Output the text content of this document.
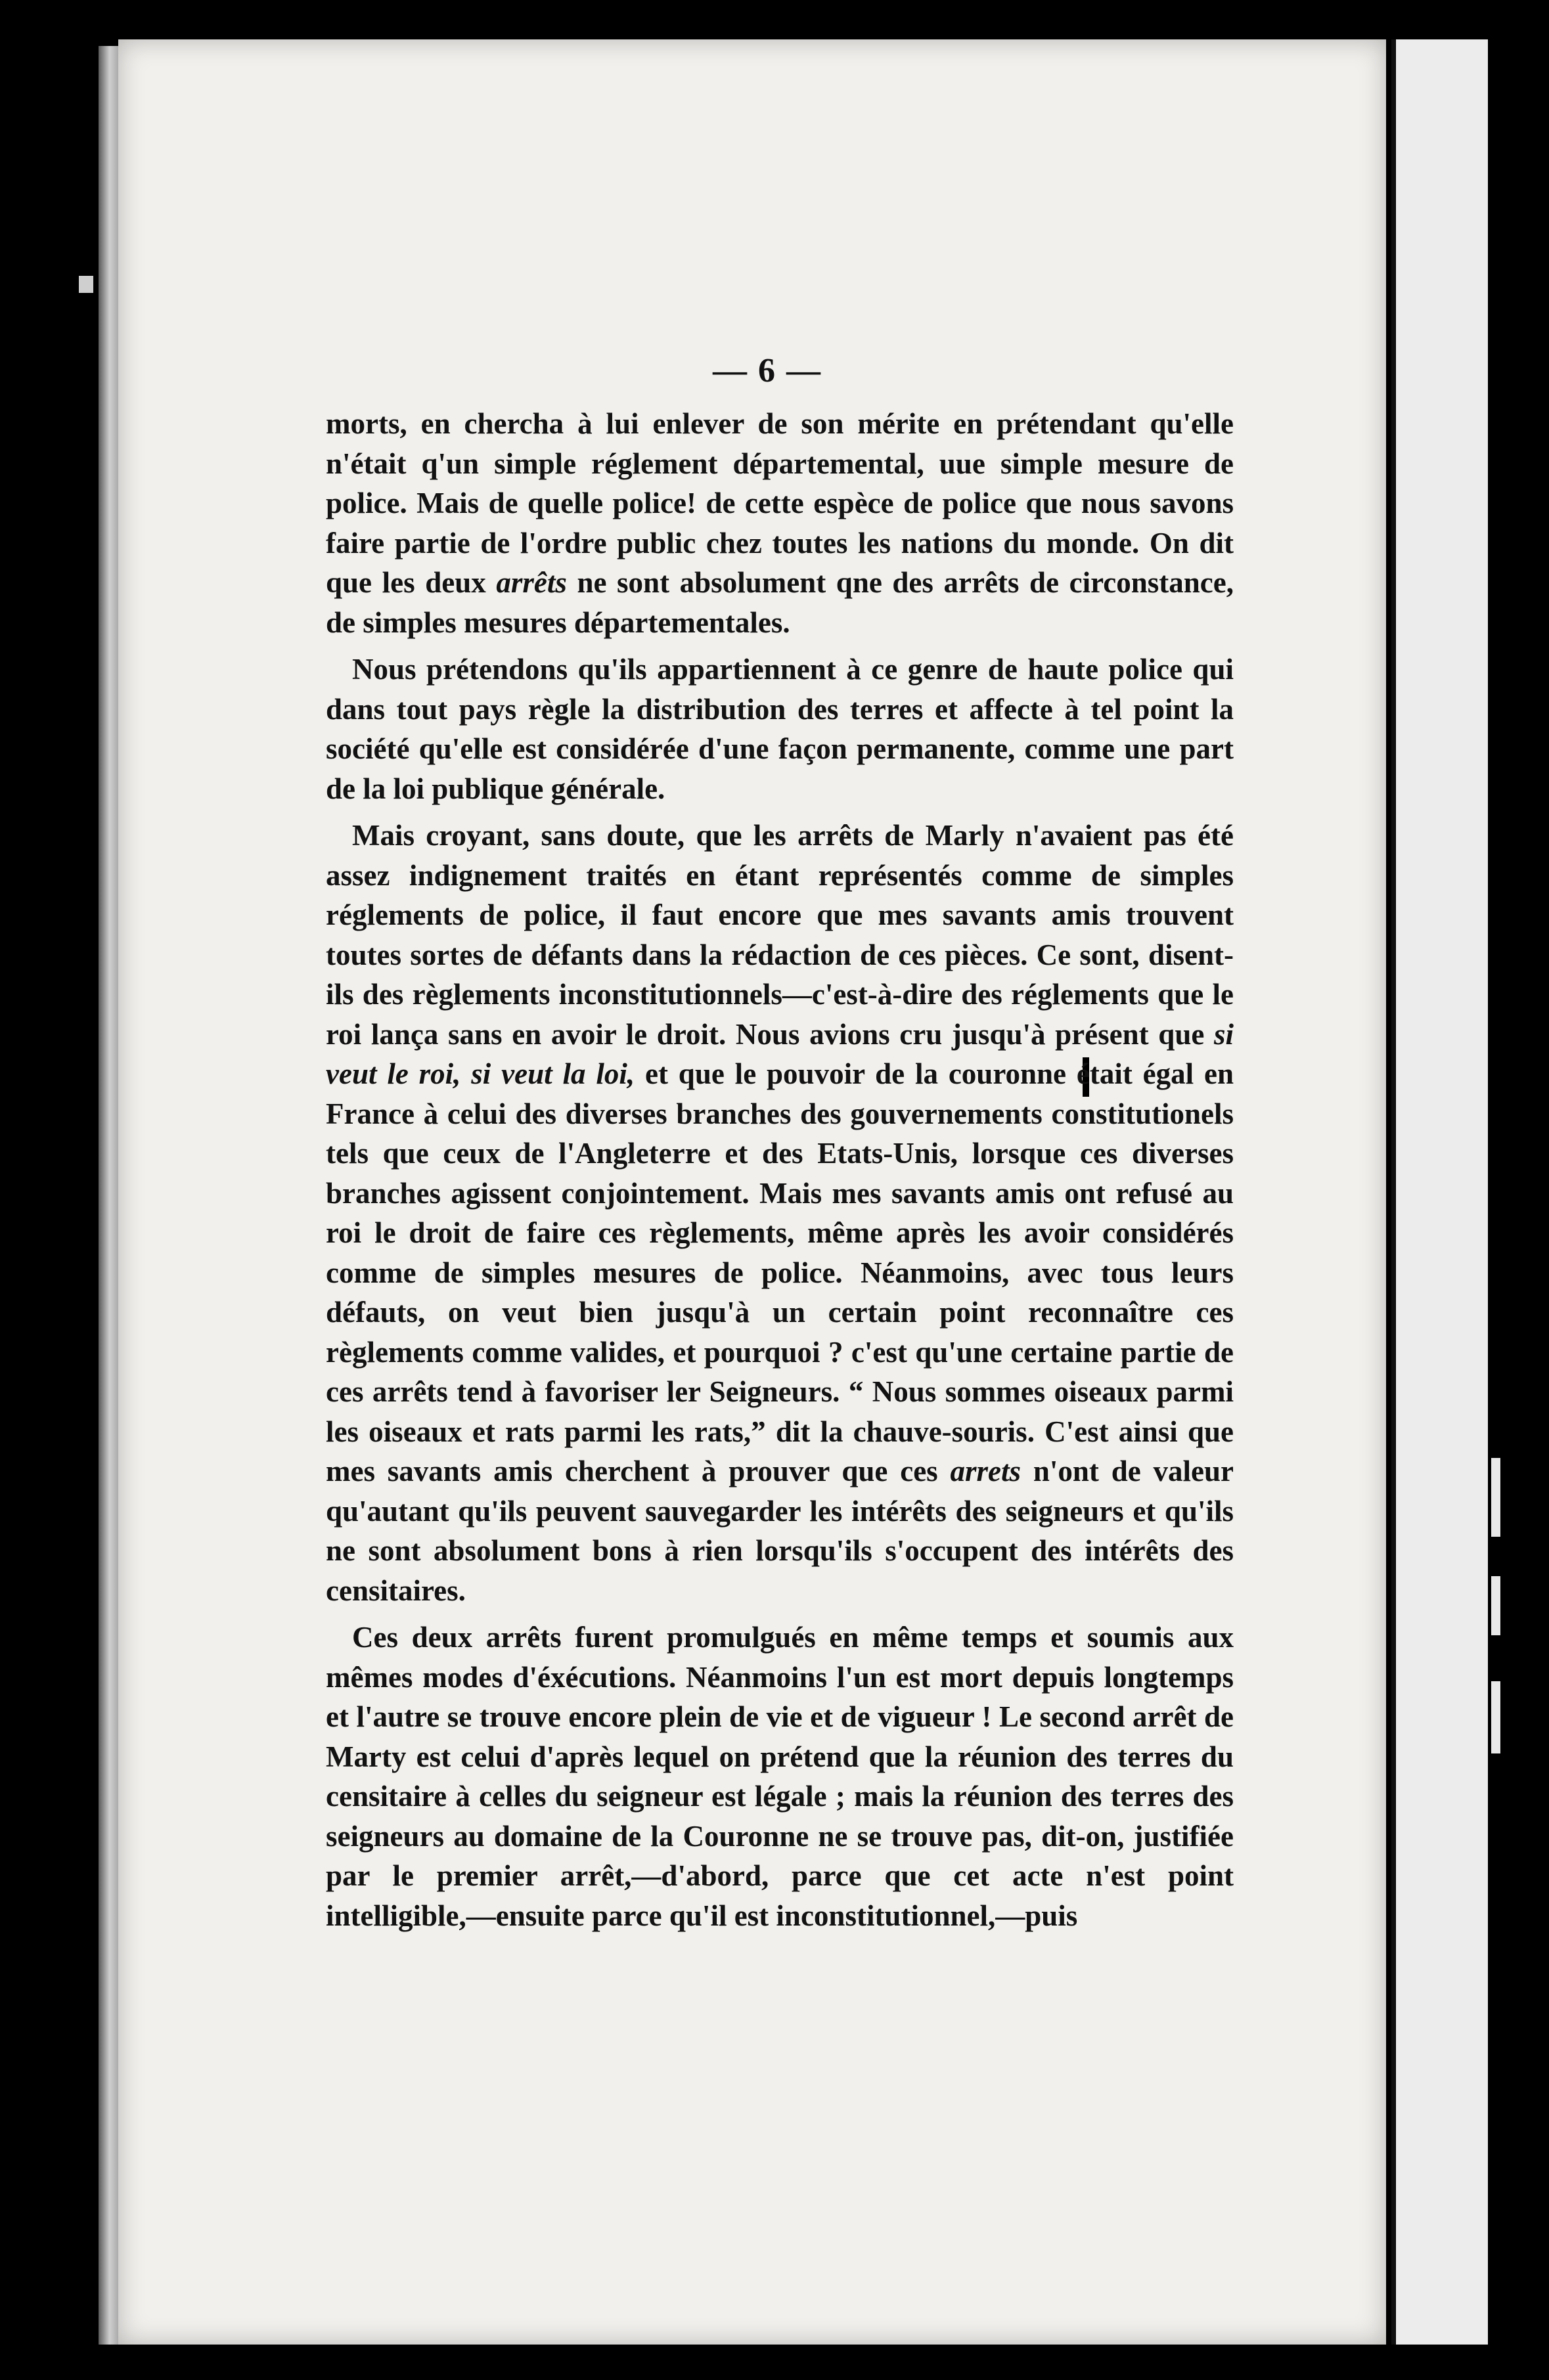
— 6 —

morts, en chercha à lui enlever de son mérite en prétendant qu'elle n'était q'un simple réglement départemental, uue simple mesure de police. Mais de quelle police! de cette espèce de police que nous savons faire partie de l'ordre public chez toutes les nations du monde. On dit que les deux arrêts ne sont absolument qne des arrêts de circonstance, de simples mesures départementales.

Nous prétendons qu'ils appartiennent à ce genre de haute police qui dans tout pays règle la distribution des terres et affecte à tel point la société qu'elle est considérée d'une façon permanente, comme une part de la loi publique générale.

Mais croyant, sans doute, que les arrêts de Marly n'avaient pas été assez indignement traités en étant représentés comme de simples réglements de police, il faut encore que mes savants amis trouvent toutes sortes de défants dans la rédaction de ces pièces. Ce sont, disent-ils des règlements inconstitutionnels—c'est-à-dire des réglements que le roi lança sans en avoir le droit. Nous avions cru jusqu'à présent que si veut le roi, si veut la loi, et que le pouvoir de la couronne était égal en France à celui des diverses branches des gouvernements constitutionels tels que ceux de l'Angleterre et des Etats-Unis, lorsque ces diverses branches agissent conjointement. Mais mes savants amis ont refusé au roi le droit de faire ces règlements, même après les avoir considérés comme de simples mesures de police. Néanmoins, avec tous leurs défauts, on veut bien jusqu'à un certain point reconnaître ces règlements comme valides, et pourquoi ? c'est qu'une certaine partie de ces arrêts tend à favoriser ler Seigneurs. “ Nous sommes oiseaux parmi les oiseaux et rats parmi les rats,” dit la chauve-souris. C'est ainsi que mes savants amis cherchent à prouver que ces arrets n'ont de valeur qu'autant qu'ils peuvent sauvegarder les intérêts des seigneurs et qu'ils ne sont absolument bons à rien lorsqu'ils s'occupent des intérêts des censitaires.

Ces deux arrêts furent promulgués en même temps et soumis aux mêmes modes d'éxécutions. Néanmoins l'un est mort depuis longtemps et l'autre se trouve encore plein de vie et de vigueur ! Le second arrêt de Marty est celui d'après lequel on prétend que la réunion des terres du censitaire à celles du seigneur est légale ; mais la réunion des terres des seigneurs au domaine de la Couronne ne se trouve pas, dit-on, justifiée par le premier arrêt,—d'abord, parce que cet acte n'est point intelligible,—ensuite parce qu'il est inconstitutionnel,—puis
